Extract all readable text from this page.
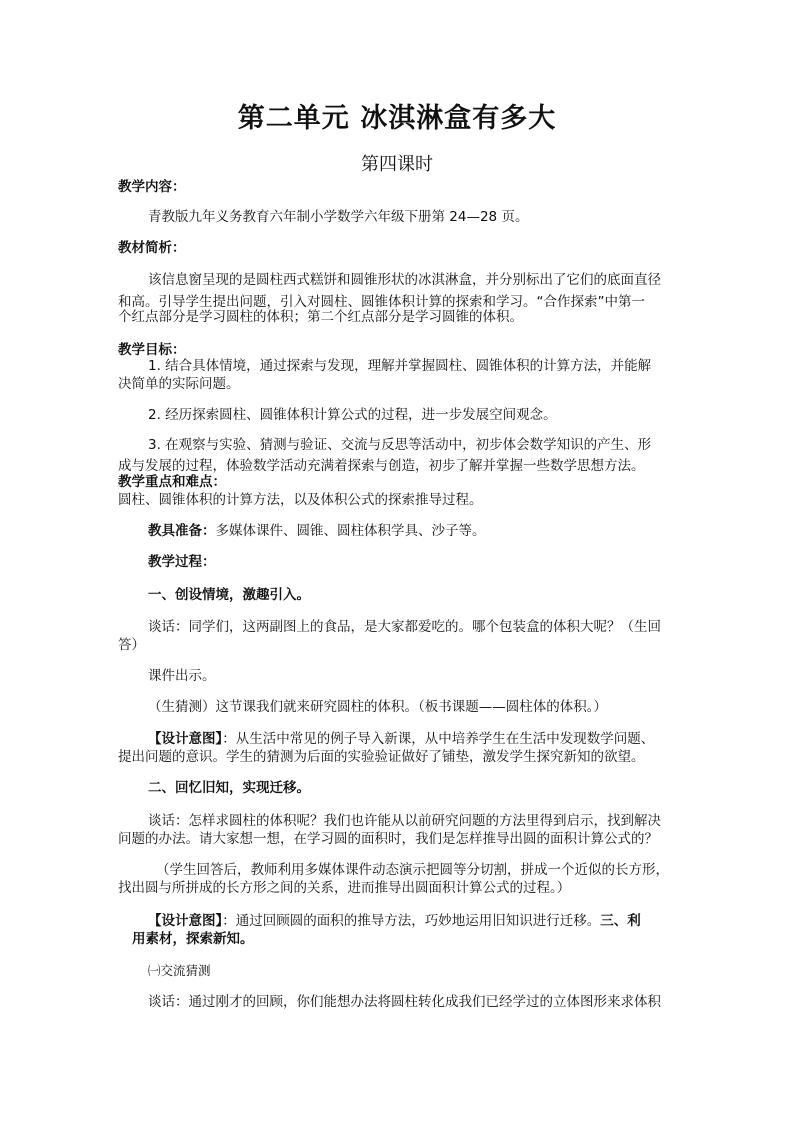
第二单元 冰淇淋盒有多大
第四课时
教学内容：
青教版九年义务教育六年制小学数学六年级下册第 24—28 页。
教材简析：
该信息窗呈现的是圆柱西式糕饼和圆锥形状的冰淇淋盒，并分别标出了它们的底面直径
和高。引导学生提出问题，引入对圆柱、圆锥体积计算的探索和学习。“合作探索”中第一
个红点部分是学习圆柱的体积；第二个红点部分是学习圆锥的体积。
教学目标：
1. 结合具体情境，通过探索与发现，理解并掌握圆柱、圆锥体积的计算方法，并能解
决简单的实际问题。
2. 经历探索圆柱、圆锥体积计算公式的过程，进一步发展空间观念。
3. 在观察与实验、猜测与验证、交流与反思等活动中，初步体会数学知识的产生、形
成与发展的过程，体验数学活动充满着探索与创造，初步了解并掌握一些数学思想方法。
教学重点和难点：
圆柱、圆锥体积的计算方法，以及体积公式的探索推导过程。
教具准备：多媒体课件、圆锥、圆柱体积学具、沙子等。
教学过程：
一、创设情境，激趣引入。
谈话：同学们，这两副图上的食品，是大家都爱吃的。哪个包装盒的体积大呢？（生回
答）
课件出示。
（生猜测）这节课我们就来研究圆柱的体积。（板书课题——圆柱体的体积。）
【设计意图】：从生活中常见的例子导入新课，从中培养学生在生活中发现数学问题、
提出问题的意识。学生的猜测为后面的实验验证做好了铺垫，激发学生探究新知的欲望。
二、回忆旧知，实现迁移。
谈话：怎样求圆柱的体积呢？我们也许能从以前研究问题的方法里得到启示，找到解决
问题的办法。请大家想一想，在学习圆的面积时，我们是怎样推导出圆的面积计算公式的？
（学生回答后，教师利用多媒体课件动态演示把圆等分切割，拼成一个近似的长方形，
找出圆与所拼成的长方形之间的关系，进而推导出圆面积计算公式的过程。）
【设计意图】：通过回顾圆的面积的推导方法，巧妙地运用旧知识进行迁移。三、利
用素材，探索新知。
㈠交流猜测
谈话：通过刚才的回顾，你们能想办法将圆柱转化成我们已经学过的立体图形来求体积
